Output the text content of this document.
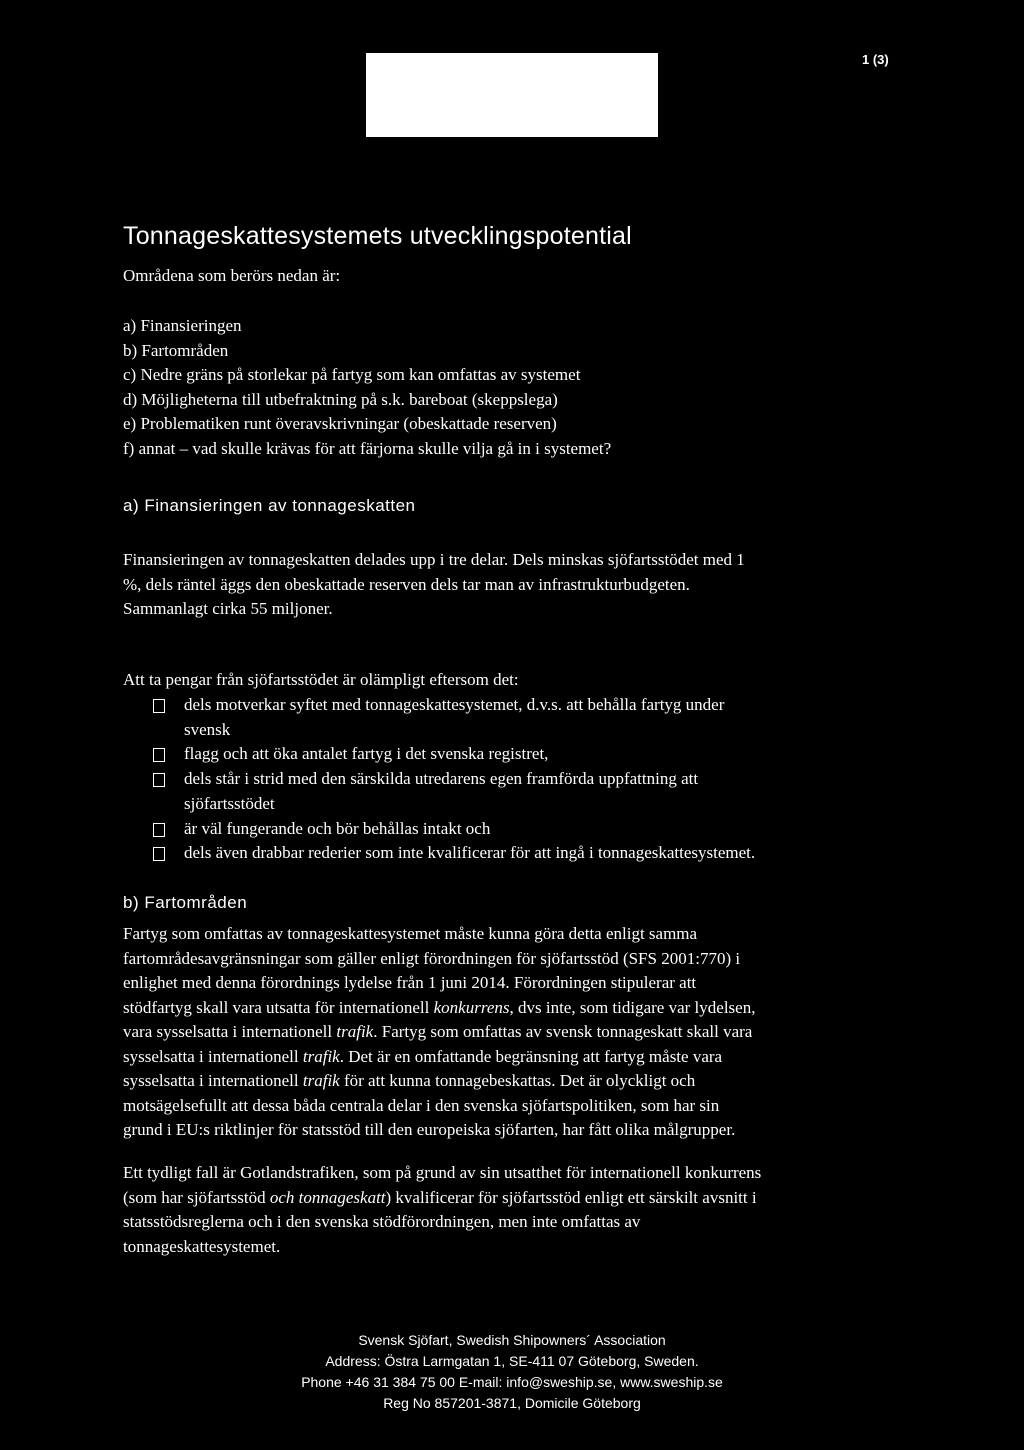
1 (3)
Tonnageskattesystemets utvecklingspotential
Områdena som berörs nedan är:
a) Finansieringen
b) Fartområden
c) Nedre gräns på storlekar på fartyg som kan omfattas av systemet
d) Möjligheterna till utbefraktning på s.k. bareboat (skeppslega)
e) Problematiken runt överavskrivningar (obeskattade reserven)
f) annat – vad skulle krävas för att färjorna skulle vilja gå in i systemet?
a) Finansieringen av tonnageskatten
Finansieringen av tonnageskatten delades upp i tre delar. Dels minskas sjöfartsstödet med 1
%, dels räntel äggs den obeskattade reserven dels tar man av infrastrukturbudgeten.
Sammanlagt cirka 55 miljoner.
Att ta pengar från sjöfartsstödet är olämpligt eftersom det:
dels motverkar syftet med tonnageskattesystemet, d.v.s. att behålla fartyg under
svensk
flagg och att öka antalet fartyg i det svenska registret,
dels står i strid med den särskilda utredarens egen framförda uppfattning att
sjöfartsstödet
är väl fungerande och bör behållas intakt och
dels även drabbar rederier som inte kvalificerar för att ingå i tonnageskattesystemet.
b) Fartområden
Fartyg som omfattas av tonnageskattesystemet måste kunna göra detta enligt samma
fartområdesavgränsningar som gäller enligt förordningen för sjöfartsstöd (SFS 2001:770) i
enlighet med denna förordnings lydelse från 1 juni 2014. Förordningen stipulerar att
stödfartyg skall vara utsatta för internationell konkurrens, dvs inte, som tidigare var lydelsen,
vara sysselsatta i internationell trafik. Fartyg som omfattas av svensk tonnageskatt skall vara
sysselsatta i internationell trafik. Det är en omfattande begränsning att fartyg måste vara
sysselsatta i internationell trafik för att kunna tonnagebeskattas. Det är olyckligt och
motsägelsefullt att dessa båda centrala delar i den svenska sjöfartspolitiken, som har sin
grund i EU:s riktlinjer för statsstöd till den europeiska sjöfarten, har fått olika målgrupper.
Ett tydligt fall är Gotlandstrafiken, som på grund av sin utsatthet för internationell konkurrens
(som har sjöfartsstöd och tonnageskatt) kvalificerar för sjöfartsstöd enligt ett särskilt avsnitt i
statsstödsreglerna och i den svenska stödförordningen, men inte omfattas av
tonnageskattesystemet.
Svensk Sjöfart, Swedish Shipowners´ Association
Address: Östra Larmgatan 1, SE-411 07 Göteborg, Sweden.
Phone +46 31 384 75 00 E-mail: info@sweship.se, www.sweship.se
Reg No 857201-3871, Domicile Göteborg
